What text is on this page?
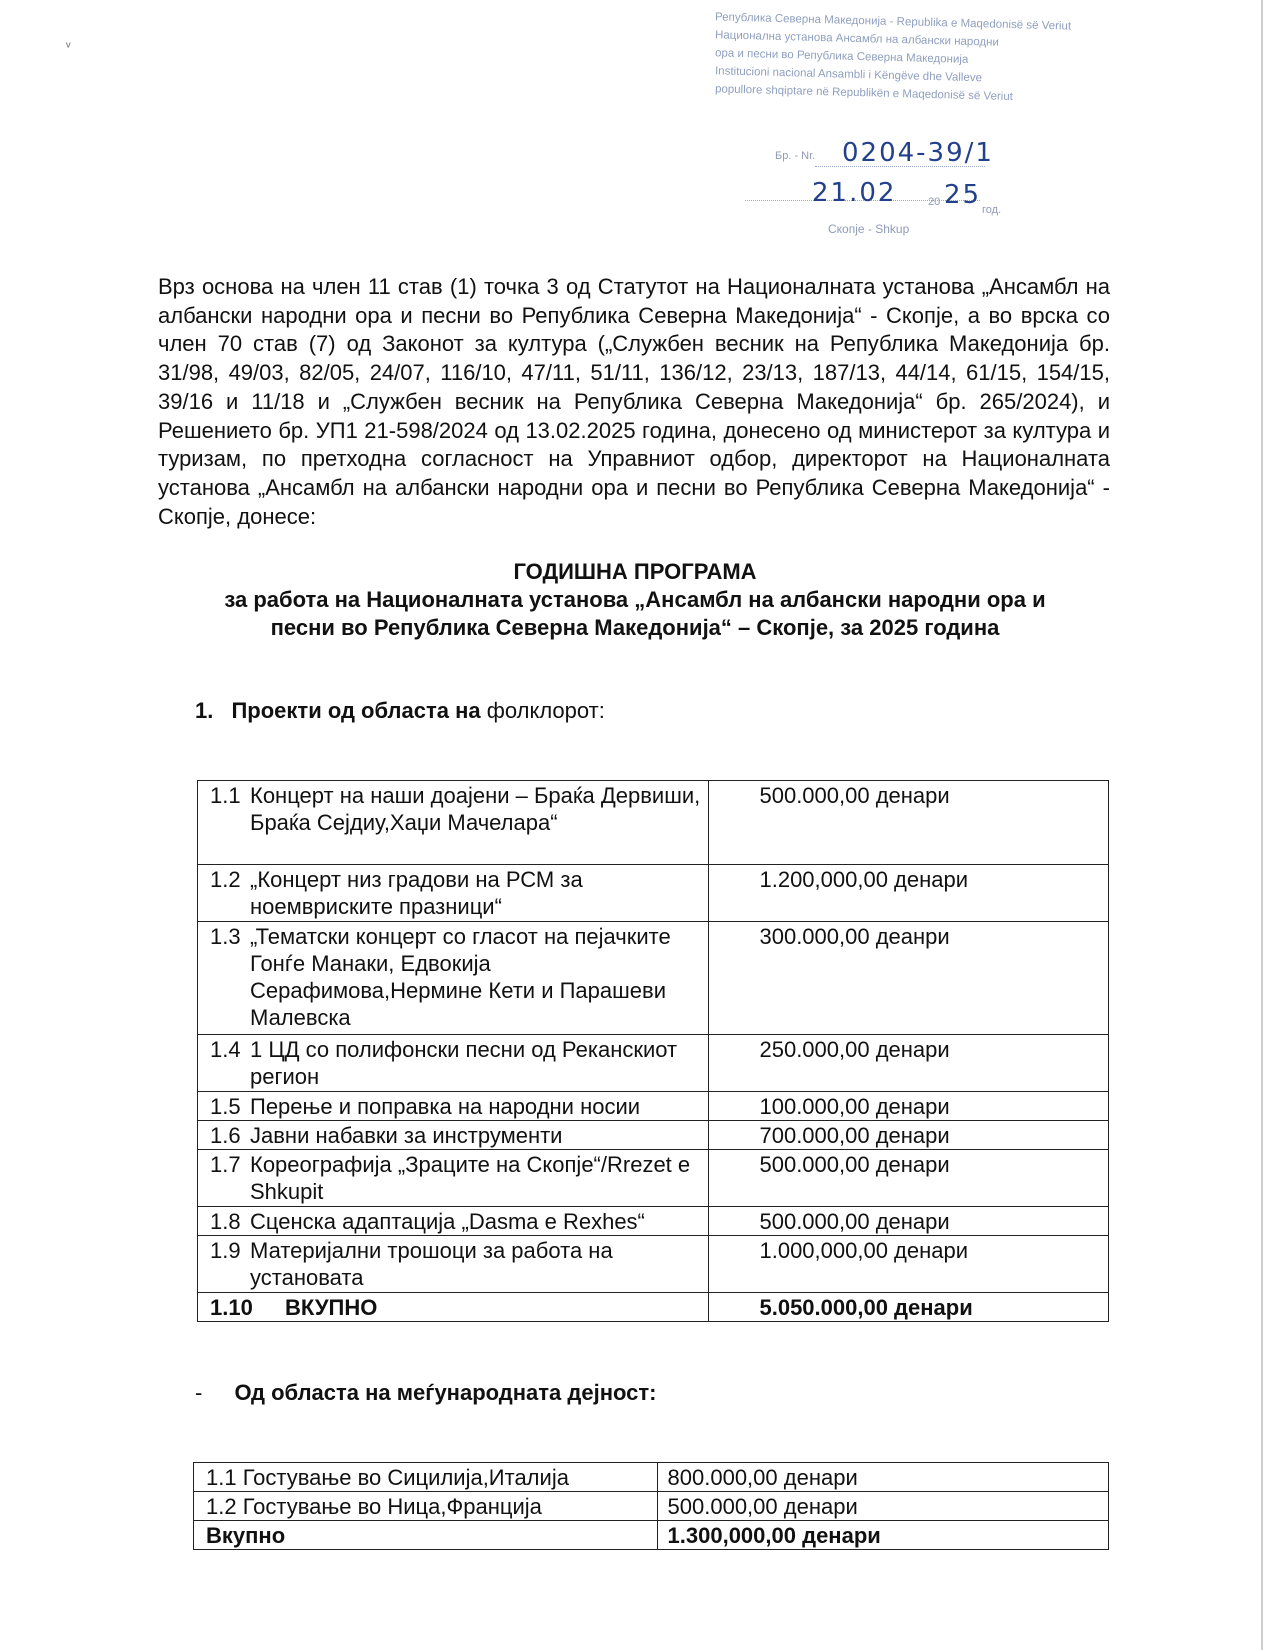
ᵛ
Република Северна Македонија - Republika e Maqedonisë së Veriut
Национална установа Ансамбл на албански народни
ора и песни во Република Северна Македонија
Institucioni nacional Ansambli i Këngëve dhe Valleve
popullore shqiptare në Republikën e Maqedonisë së Veriut
Бр. - Nr. 0204-39/1
21.02	20 25 год.
Скопје - Shkup
Врз основа на член 11 став (1) точка 3 од Статутот на Националната установа „Ансамбл на албански народни ора и песни во Република Северна Македонија“ - Скопје, а во врска со член 70 став (7) од Законот за култура („Службен весник на Република Македонија бр. 31/98, 49/03, 82/05, 24/07, 116/10, 47/11, 51/11, 136/12, 23/13, 187/13, 44/14, 61/15, 154/15, 39/16 и 11/18 и „Службен весник на Република Северна Македонија“ бр. 265/2024), и Решението бр. УП1 21-598/2024 од 13.02.2025 година, донесено од министерот за култура и туризам, по претходна согласност на Управниот одбор, директорот на Националната установа „Ансамбл на албански народни ора и песни во Република Северна Македонија“ - Скопје, донесе:
ГОДИШНА ПРОГРАМА
за работа на Националната установа „Ансамбл на албански народни ора и
песни во Република Северна Македонија“ – Скопје, за 2025 година
1. Проекти од областа на фолклорот:
1.1 Концерт на наши доајени – Браќа Дервиши, Браќа Сејдиу,Хаџи Мачелара“	500.000,00 денари

1.2 „Концерт низ градови на РСМ за ноемвриските празници“	1.200,000,00 денари

1.3 „Тематски концерт со гласот на пејачките Гонѓе Манаки, Едвокија Серафимова,Нермине Кети и Парашеви Малевска	300.000,00 деанри

1.4 1 ЦД со полифонски песни од Реканскиот регион	250.000,00 денари

1.5 Перење и поправка на народни носии	100.000,00 денари

1.6 Јавни набавки за инструменти	700.000,00 денари

1.7 Кореографија „Зраците на Скопје“/Rrezet e Shkupit	500.000,00 денари

1.8 Сценска адаптација „Dasma e Rexhes“	500.000,00 денари

1.9 Материјални трошоци за работа на установата	1.000,000,00 денари

1.10 ВКУПНО	5.050.000,00 денари
- Од областа на меѓународната дејност:
1.1 Гостување во Сицилија,Италија	800.000,00 денари
1.2 Гостување во Ница,Франција	500.000,00 денари
Вкупно	1.300,000,00 денари
